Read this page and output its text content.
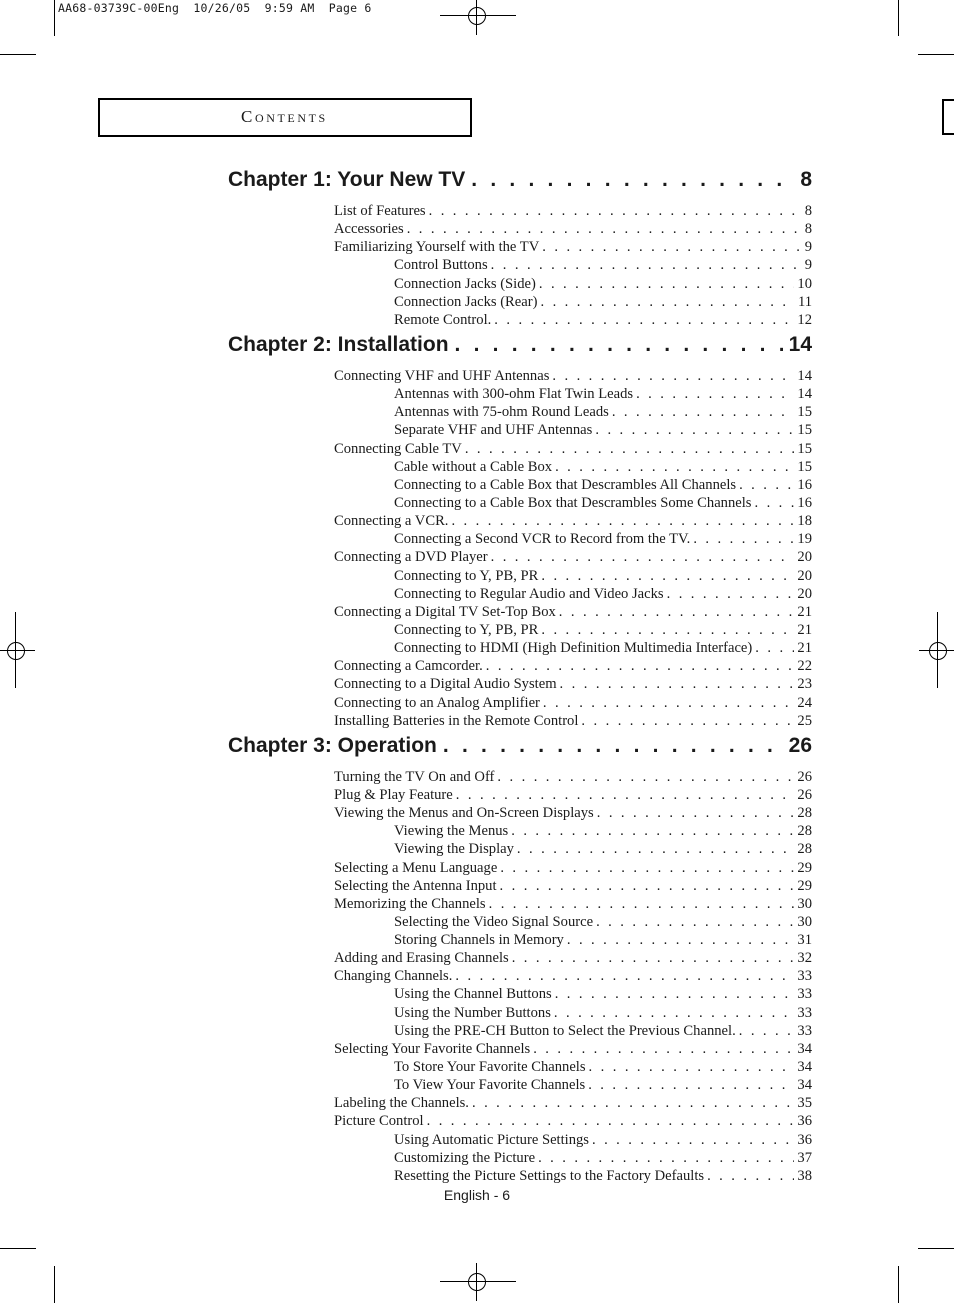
AA68-03739C-00Eng  10/26/05  9:59 AM  Page 6
Contents
Chapter 1: Your New TV . . .	8
List of Features . . .	8
Accessories . . .	8
Familiarizing Yourself with the TV . . .	9
Control Buttons . . .	9
Connection Jacks (Side) . . .	10
Connection Jacks (Rear) . . .	11
Remote Control. . . .	12
Chapter 2: Installation . . .	14
Connecting VHF and UHF Antennas . . .	14
Antennas with 300-ohm Flat Twin Leads . . .	14
Antennas with 75-ohm Round Leads . . .	15
Separate VHF and UHF Antennas . . .	15
Connecting Cable TV . . .	15
Cable without a Cable Box . . .	15
Connecting to a Cable Box that Descrambles All Channels . . .	16
Connecting to a Cable Box that Descrambles Some Channels . . .	16
Connecting a VCR. . . .	18
Connecting a Second VCR to Record from the TV. . . .	19
Connecting a DVD Player . . .	20
Connecting to Y, PB, PR . . .	20
Connecting to Regular Audio and Video Jacks . . .	20
Connecting a Digital TV Set-Top Box . . .	21
Connecting to Y, PB, PR . . .	21
Connecting to HDMI (High Definition Multimedia Interface) . . .	21
Connecting a Camcorder. . . .	22
Connecting to a Digital Audio System . . .	23
Connecting to an Analog Amplifier . . .	24
Installing Batteries in the Remote Control . . .	25
Chapter 3: Operation . . .	26
Turning the TV On and Off . . .	26
Plug & Play Feature . . .	26
Viewing the Menus and On-Screen Displays . . .	28
Viewing the Menus . . .	28
Viewing the Display . . .	28
Selecting a Menu Language . . .	29
Selecting the Antenna Input . . .	29
Memorizing the Channels . . .	30
Selecting the Video Signal Source . . .	30
Storing Channels in Memory . . .	31
Adding and Erasing Channels . . .	32
Changing Channels. . . .	33
Using the Channel Buttons . . .	33
Using the Number Buttons . . .	33
Using the PRE-CH Button to Select the Previous Channel. . . .	33
Selecting Your Favorite Channels . . .	34
To Store Your Favorite Channels . . .	34
To View Your Favorite Channels . . .	34
Labeling the Channels. . . .	35
Picture Control . . .	36
Using Automatic Picture Settings . . .	36
Customizing the Picture . . .	37
Resetting the Picture Settings to the Factory Defaults . . .	38
English - 6
